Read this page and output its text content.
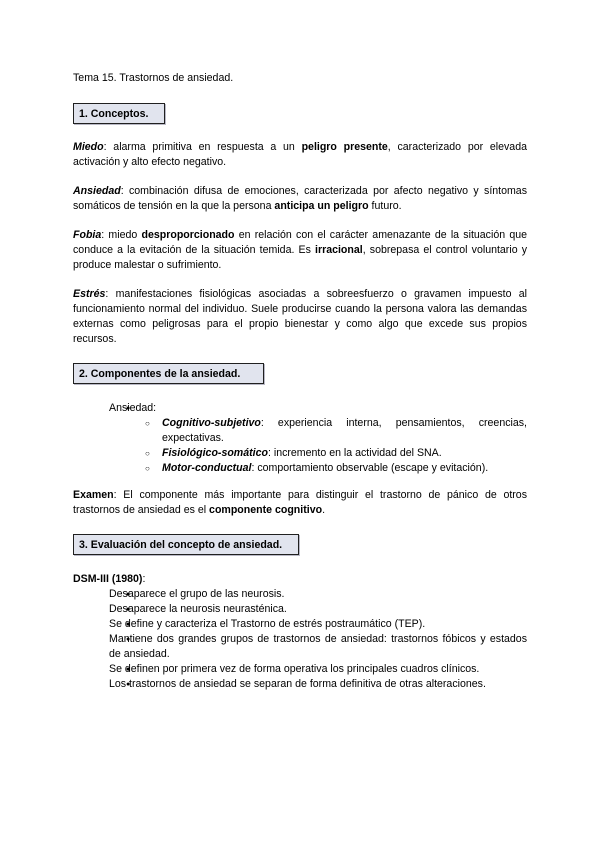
Tema 15. Trastornos de ansiedad.
1. Conceptos.
Miedo: alarma primitiva en respuesta a un peligro presente, caracterizado por elevada activación y alto efecto negativo.
Ansiedad: combinación difusa de emociones, caracterizada por afecto negativo y síntomas somáticos de tensión en la que la persona anticipa un peligro futuro.
Fobia: miedo desproporcionado en relación con el carácter amenazante de la situación que conduce a la evitación de la situación temida. Es irracional, sobrepasa el control voluntario y produce malestar o sufrimiento.
Estrés: manifestaciones fisiológicas asociadas a sobreesfuerzo o gravamen impuesto al funcionamiento normal del individuo. Suele producirse cuando la persona valora las demandas externas como peligrosas para el propio bienestar y como algo que excede sus propios recursos.
2. Componentes de la ansiedad.
● Ansiedad:
○ Cognitivo-subjetivo: experiencia interna, pensamientos, creencias, expectativas.
○ Fisiológico-somático: incremento en la actividad del SNA.
○ Motor-conductual: comportamiento observable (escape y evitación).
Examen: El componente más importante para distinguir el trastorno de pánico de otros trastornos de ansiedad es el componente cognitivo.
3. Evaluación del concepto de ansiedad.
DSM-III (1980):
● Desaparece el grupo de las neurosis.
● Desaparece la neurosis neurasténica.
● Se define y caracteriza el Trastorno de estrés postraumático (TEP).
● Mantiene dos grandes grupos de trastornos de ansiedad: trastornos fóbicos y estados de ansiedad.
● Se definen por primera vez de forma operativa los principales cuadros clínicos.
● Los trastornos de ansiedad se separan de forma definitiva de otras alteraciones.
